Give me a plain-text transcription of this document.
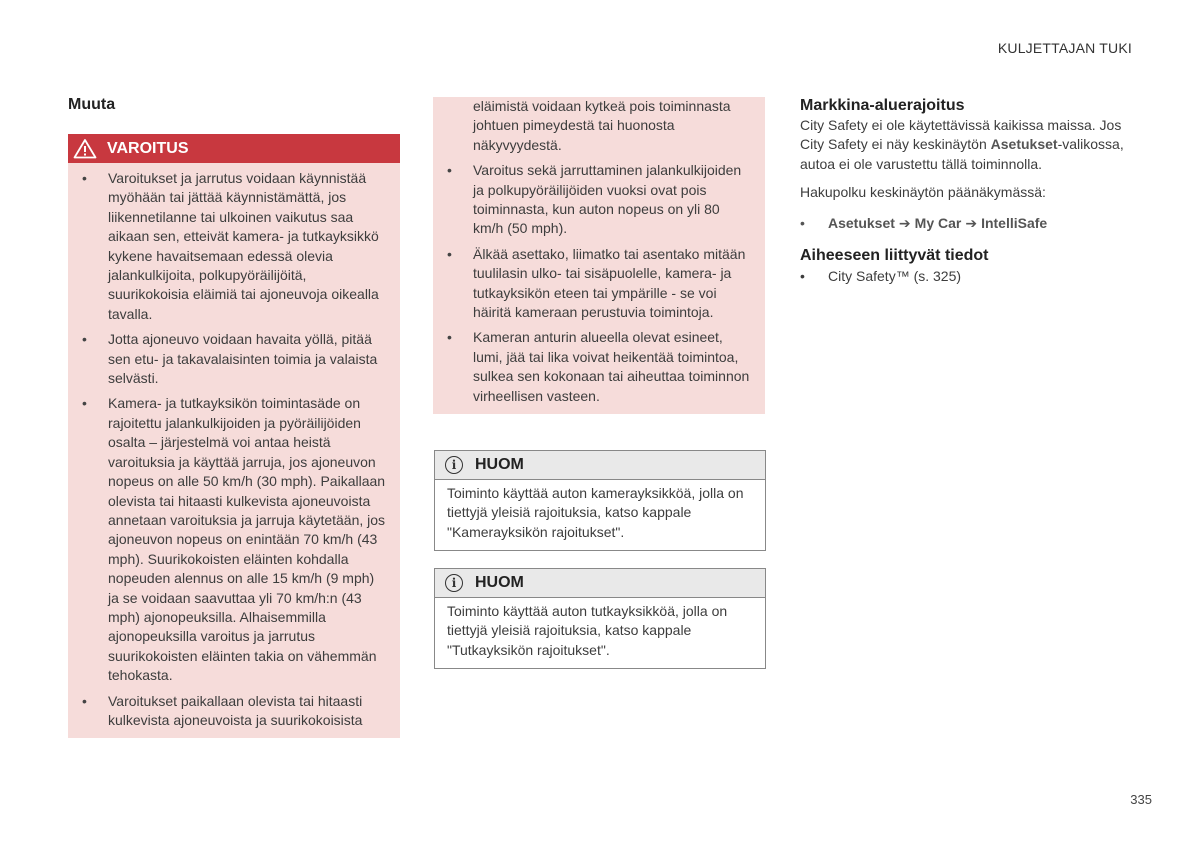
KULJETTAJAN TUKI
Muuta
VAROITUS
• Varoitukset ja jarrutus voidaan käynnistää myöhään tai jättää käynnistämättä, jos liikennetilanne tai ulkoinen vaikutus saa aikaan sen, etteivät kamera- ja tutkayksikkö kykene havaitsemaan edessä olevia jalankulkijoita, polkupyöräilijöitä, suurikokoisia eläimiä tai ajoneuvoja oikealla tavalla.
• Jotta ajoneuvo voidaan havaita yöllä, pitää sen etu- ja takavalaisinten toimia ja valaista selvästi.
• Kamera- ja tutkayksikön toimintasäde on rajoitettu jalankulkijoiden ja pyöräilijöiden osalta – järjestelmä voi antaa heistä varoituksia ja käyttää jarruja, jos ajoneuvon nopeus on alle 50 km/h (30 mph). Paikallaan olevista tai hitaasti kulkevista ajoneuvoista annetaan varoituksia ja jarruja käytetään, jos ajoneuvon nopeus on enintään 70 km/h (43 mph). Suurikokoisten eläinten kohdalla nopeuden alennus on alle 15 km/h (9 mph) ja se voidaan saavuttaa yli 70 km/h:n (43 mph) ajonopeuksilla. Alhaisemmilla ajonopeuksilla varoitus ja jarrutus suurikokoisten eläinten takia on vähemmän tehokasta.
• Varoitukset paikallaan olevista tai hitaasti kulkevista ajoneuvoista ja suurikokoisista
eläimistä voidaan kytkeä pois toiminnasta johtuen pimeydestä tai huonosta näkyvyydestä.
• Varoitus sekä jarruttaminen jalankulkijoiden ja polkupyöräilijöiden vuoksi ovat pois toiminnasta, kun auton nopeus on yli 80 km/h (50 mph).
• Älkää asettako, liimatko tai asentako mitään tuulilasin ulko- tai sisäpuolelle, kamera- ja tutkayksikön eteen tai ympärille - se voi häiritä kameraan perustuvia toimintoja.
• Kameran anturin alueella olevat esineet, lumi, jää tai lika voivat heikentää toimintoa, sulkea sen kokonaan tai aiheuttaa toiminnon virheellisen vasteen.
i	HUOM
Toiminto käyttää auton kamerayksikköä, jolla on tiettyjä yleisiä rajoituksia, katso kappale "Kamerayksikön rajoitukset".
i	HUOM
Toiminto käyttää auton tutkayksikköä, jolla on tiettyjä yleisiä rajoituksia, katso kappale "Tutkayksikön rajoitukset".
Markkina-aluerajoitus

City Safety ei ole käytettävissä kaikissa maissa. Jos City Safety ei näy keskinäytön Asetukset-valikossa, autoa ei ole varustettu tällä toiminnolla.

Hakupolku keskinäytön päänäkymässä:

•	Asetukset ➔ My Car ➔ IntelliSafe
Aiheeseen liittyvät tiedot
•	City Safety™ (s. 325)
335
